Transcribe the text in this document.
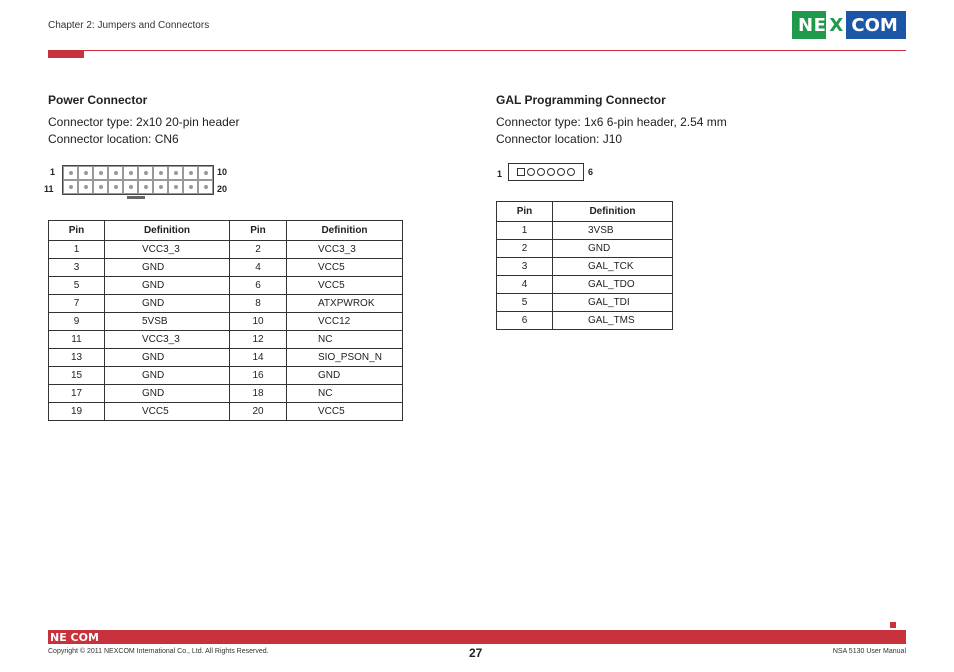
Chapter 2: Jumpers and Connectors	NE X COM
Power Connector
Connector type: 2x10 20-pin header
Connector location: CN6
1
11
10
20
Pin	Definition	Pin	Definition
1	VCC3_3	2	VCC3_3
3	GND	4	VCC5
5	GND	6	VCC5
7	GND	8	ATXPWROK
9	5VSB	10	VCC12
11	VCC3_3	12	NC
13	GND	14	SIO_PSON_N
15	GND	16	GND
17	GND	18	NC
19	VCC5	20	VCC5
GAL Programming Connector
Connector type: 1x6 6-pin header, 2.54 mm
Connector location: J10
1	6
Pin	Definition
1	3VSB
2	GND
3	GAL_TCK
4	GAL_TDO
5	GAL_TDI
6	GAL_TMS
NE COM
Copyright © 2011 NEXCOM International Co., Ltd. All Rights Reserved.	27	NSA 5130 User Manual
